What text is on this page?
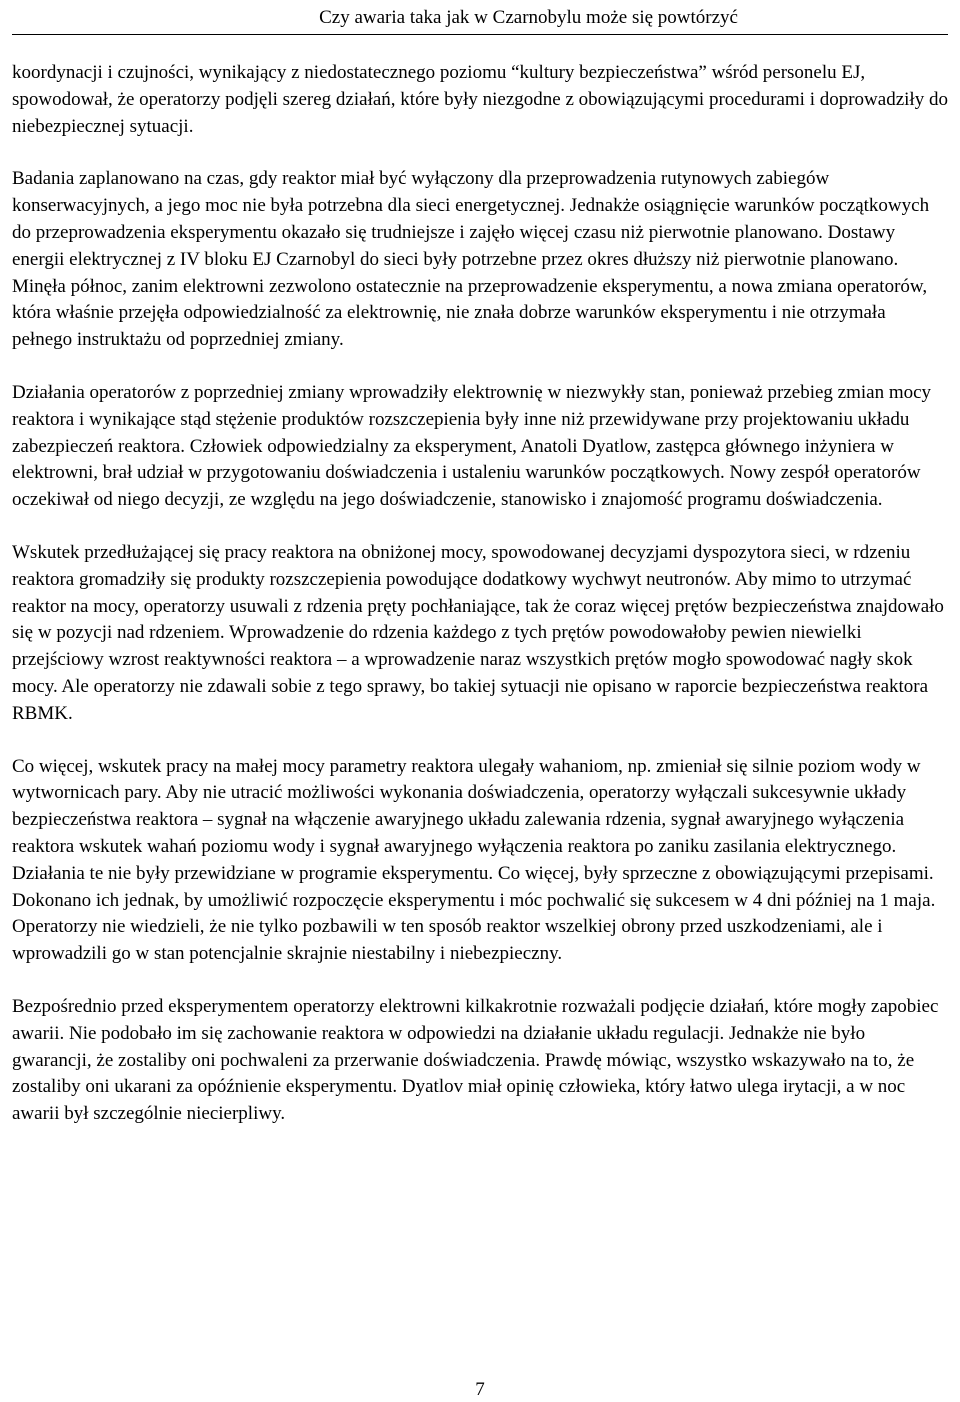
Czy awaria taka jak w Czarnobylu może się powtórzyć

koordynacji i czujności, wynikający z niedostatecznego poziomu “kultury bezpieczeństwa” wśród personelu EJ, spowodował, że operatorzy podjęli szereg działań, które były niezgodne z obowiązującymi procedurami i doprowadziły do niebezpiecznej sytuacji.

Badania zaplanowano na czas, gdy reaktor miał być wyłączony dla przeprowadzenia rutynowych zabiegów konserwacyjnych, a jego moc nie była potrzebna dla sieci energetycznej. Jednakże osiągnięcie warunków początkowych do przeprowadzenia eksperymentu okazało się trudniejsze i zajęło więcej czasu niż pierwotnie planowano. Dostawy energii elektrycznej z IV bloku EJ Czarnobyl do sieci były potrzebne przez okres dłuższy niż pierwotnie planowano. Minęła północ, zanim elektrowni zezwolono ostatecznie na przeprowadzenie eksperymentu, a nowa zmiana operatorów, która właśnie przejęła odpowiedzialność za elektrownię, nie znała dobrze warunków eksperymentu i nie otrzymała pełnego instruktażu od poprzedniej zmiany.

Działania operatorów z poprzedniej zmiany wprowadziły elektrownię w niezwykły stan, ponieważ przebieg zmian mocy reaktora i wynikające stąd stężenie produktów rozszczepienia były inne niż przewidywane przy projektowaniu układu zabezpieczeń reaktora. Człowiek odpowiedzialny za eksperyment, Anatoli Dyatlow, zastępca głównego inżyniera w elektrowni, brał udział w przygotowaniu doświadczenia i ustaleniu warunków początkowych. Nowy zespół operatorów oczekiwał od niego decyzji, ze względu na jego doświadczenie, stanowisko i znajomość programu doświadczenia.

Wskutek przedłużającej się pracy reaktora na obniżonej mocy, spowodowanej decyzjami dyspozytora sieci, w rdzeniu reaktora gromadziły się produkty rozszczepienia powodujące dodatkowy wychwyt neutronów. Aby mimo to utrzymać reaktor na mocy, operatorzy usuwali z rdzenia pręty pochłaniające, tak że coraz więcej prętów bezpieczeństwa znajdowało się w pozycji nad rdzeniem. Wprowadzenie do rdzenia każdego z tych prętów powodowałoby pewien niewielki przejściowy wzrost reaktywności reaktora – a wprowadzenie naraz wszystkich prętów mogło spowodować nagły skok mocy. Ale operatorzy nie zdawali sobie z tego sprawy, bo takiej sytuacji nie opisano w raporcie bezpieczeństwa reaktora RBMK.

Co więcej, wskutek pracy na małej mocy parametry reaktora ulegały wahaniom, np. zmieniał się silnie poziom wody w wytwornicach pary. Aby nie utracić możliwości wykonania doświadczenia, operatorzy wyłączali sukcesywnie układy bezpieczeństwa reaktora – sygnał na włączenie awaryjnego układu zalewania rdzenia, sygnał awaryjnego wyłączenia reaktora wskutek wahań poziomu wody i sygnał awaryjnego wyłączenia reaktora po zaniku zasilania elektrycznego. Działania te nie były przewidziane w programie eksperymentu. Co więcej, były sprzeczne z obowiązującymi przepisami. Dokonano ich jednak, by umożliwić rozpoczęcie eksperymentu i móc pochwalić się sukcesem w 4 dni później na 1 maja. Operatorzy nie wiedzieli, że nie tylko pozbawili w ten sposób reaktor wszelkiej obrony przed uszkodzeniami, ale i wprowadzili go w stan potencjalnie skrajnie niestabilny i niebezpieczny.

Bezpośrednio przed eksperymentem operatorzy elektrowni kilkakrotnie rozważali podjęcie działań, które mogły zapobiec awarii. Nie podobało im się zachowanie reaktora w odpowiedzi na działanie układu regulacji. Jednakże nie było gwarancji, że zostaliby oni pochwaleni za przerwanie doświadczenia. Prawdę mówiąc, wszystko wskazywało na to, że zostaliby oni ukarani za opóźnienie eksperymentu. Dyatlov miał opinię człowieka, który łatwo ulega irytacji, a w noc awarii był szczególnie niecierpliwy.

7
